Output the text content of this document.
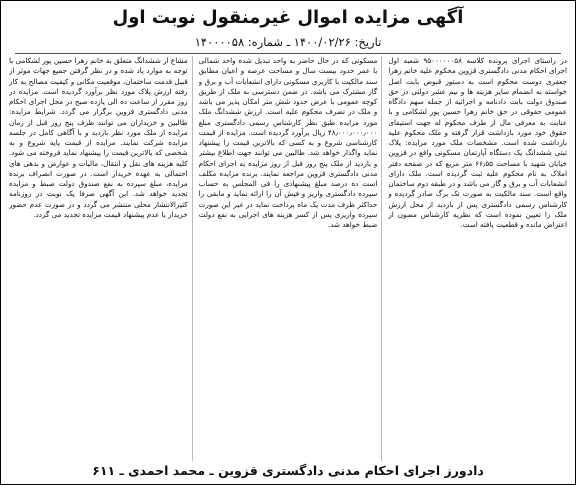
آگهی مزایده اموال غیرمنقول نوبت اول
تاریخ: ۱۴۰۰/۰۲/۲۶ ـ شماره: ۱۴۰۰۰۰۵۸
در راستای اجرای پرونده کلاسه ۹۵۰۰۰۰۰۰۵۸ شعبه اول اجرای احکام مدنی دادگستری قزوین محکوم علیه خانم زهرا جعفری دوست محکوم است به دستور قبوض بابت اصل خواسته به انضمام سایر هزینه ها و نیم عشر دولتی در حق صندوق دولت بابت دادنامه و اجرائیه از جمله سهم دادگاه عمومی حقوقی در حق خانم زهرا حسین پور لشکامی و با عنایت به معرفی مال از طرف محکوم له جهت استیفای حقوق خود مورد بازداشت قرار گرفته و ملک محکوم علیه بازداشت شده است. مشخصات ملک مورد مزایده: پلاک ثبتی ششدانگ یک دستگاه آپارتمان مسکونی واقع در قزوین خیابان شهید با مساحت ۶۶٫۵۵ متر مربع که در صفحه دفتر املاک به نام محکوم علیه ثبت گردیده است. ملک دارای انشعابات آب و برق و گاز می باشد و در طبقه دوم ساختمان واقع است. سند مالکیت به صورت تک برگ صادر گردیده و کارشناس رسمی دادگستری پس از بازدید از محل ارزش ملک را تعیین نموده است که نظریه کارشناس مصون از اعتراض مانده و قطعیت یافته است.
مسکونی که در حال حاضر به واحد تبدیل شده واحد شمالی با عمر حدود بیست سال و مساحت عرصه و اعیان مطابق سند مالکیت با کاربری مسکونی دارای انشعابات آب و برق و گاز مشترک می باشد. در ضمن دسترسی به ملک از طریق کوچه عمومی با عرض حدود شش متر امکان پذیر می باشد و ملک در تصرف محکوم علیه است. ارزش ششدانگ ملک مورد مزایده طبق نظر کارشناس رسمی دادگستری مبلغ ۴۸٫۰۰۰٫۰۰۰٫۰۰۰ ریال برآورد گردیده است. مزایده از قیمت کارشناسی شروع و به کسی که بالاترین قیمت را پیشنهاد نماید واگذار خواهد شد. طالبین می توانند جهت اطلاع بیشتر و بازدید از ملک پنج روز قبل از روز مزایده به اجرای احکام مدنی دادگستری قزوین مراجعه نمایند. برنده مزایده مکلف است ده درصد مبلغ پیشنهادی را فی المجلس به حساب سپرده دادگستری واریز و فیش آن را ارائه نماید و مابقی را حداکثر ظرف مدت یک ماه پرداخت نماید در غیر این صورت سپرده واریزی پس از کسر هزینه های اجرایی به نفع دولت ضبط خواهد شد.
مشاع از ششدانگ متعلق به خانم زهرا حسین پور لشکامی با توجه به موارد یاد شده و در نظر گرفتن جمیع جهات موثر از قبیل قدمت ساختمان، موقعیت مکانی و کیفیت مصالح به کار رفته ارزش پلاک مورد نظر برآورد گردیده است. مزایده در روز مقرر از ساعت ده الی یازده صبح در محل اجرای احکام مدنی دادگستری قزوین برگزار می گردد. شرایط مزایده: طالبین و خریداران می توانند ظرف پنج روز قبل از زمان مزایده از ملک مورد نظر بازدید و با آگاهی کامل در جلسه مزایده شرکت نمایند. مزایده از قیمت پایه شروع و به شخصی که بالاترین قیمت را پیشنهاد نماید فروخته می شود. کلیه هزینه های نقل و انتقال، مالیات و عوارض و بدهی های احتمالی به عهده خریدار است. در صورت انصراف برنده مزایده، مبلغ سپرده به نفع صندوق دولت ضبط و مزایده تجدید خواهد شد. این آگهی صرفا یک نوبت در روزنامه کثیرالانتشار محلی منتشر می گردد و در صورت عدم حضور خریدار یا عدم پیشنهاد قیمت مزایده تجدید می گردد.
دادورز اجرای احکام مدنی دادگستری قزوین ـ محمد احمدی ـ ۶۱۱
